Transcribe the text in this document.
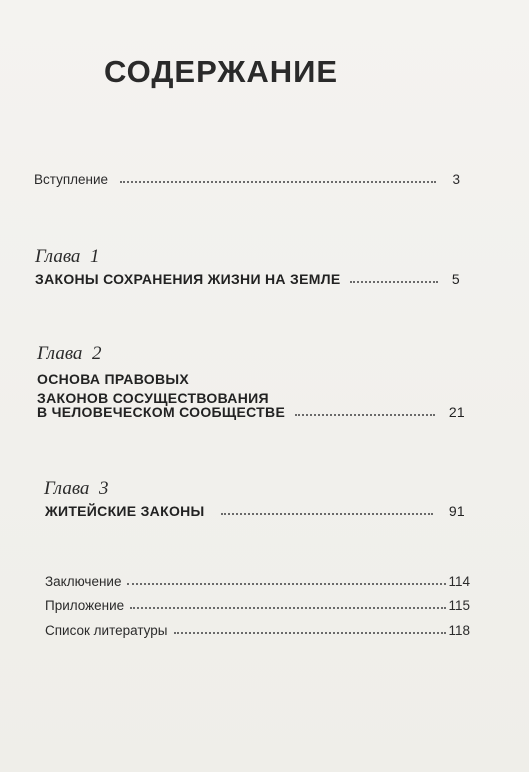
СОДЕРЖАНИЕ
Вступление	3
Глава 1
ЗАКОНЫ СОХРАНЕНИЯ ЖИЗНИ НА ЗЕМЛЕ	5
Глава 2
ОСНОВА ПРАВОВЫХ
ЗАКОНОВ СОСУЩЕСТВОВАНИЯ
В ЧЕЛОВЕЧЕСКОМ СООБЩЕСТВЕ	21
Глава 3
ЖИТЕЙСКИЕ ЗАКОНЫ	91
Заключение	114
Приложение	115
Список литературы	118
